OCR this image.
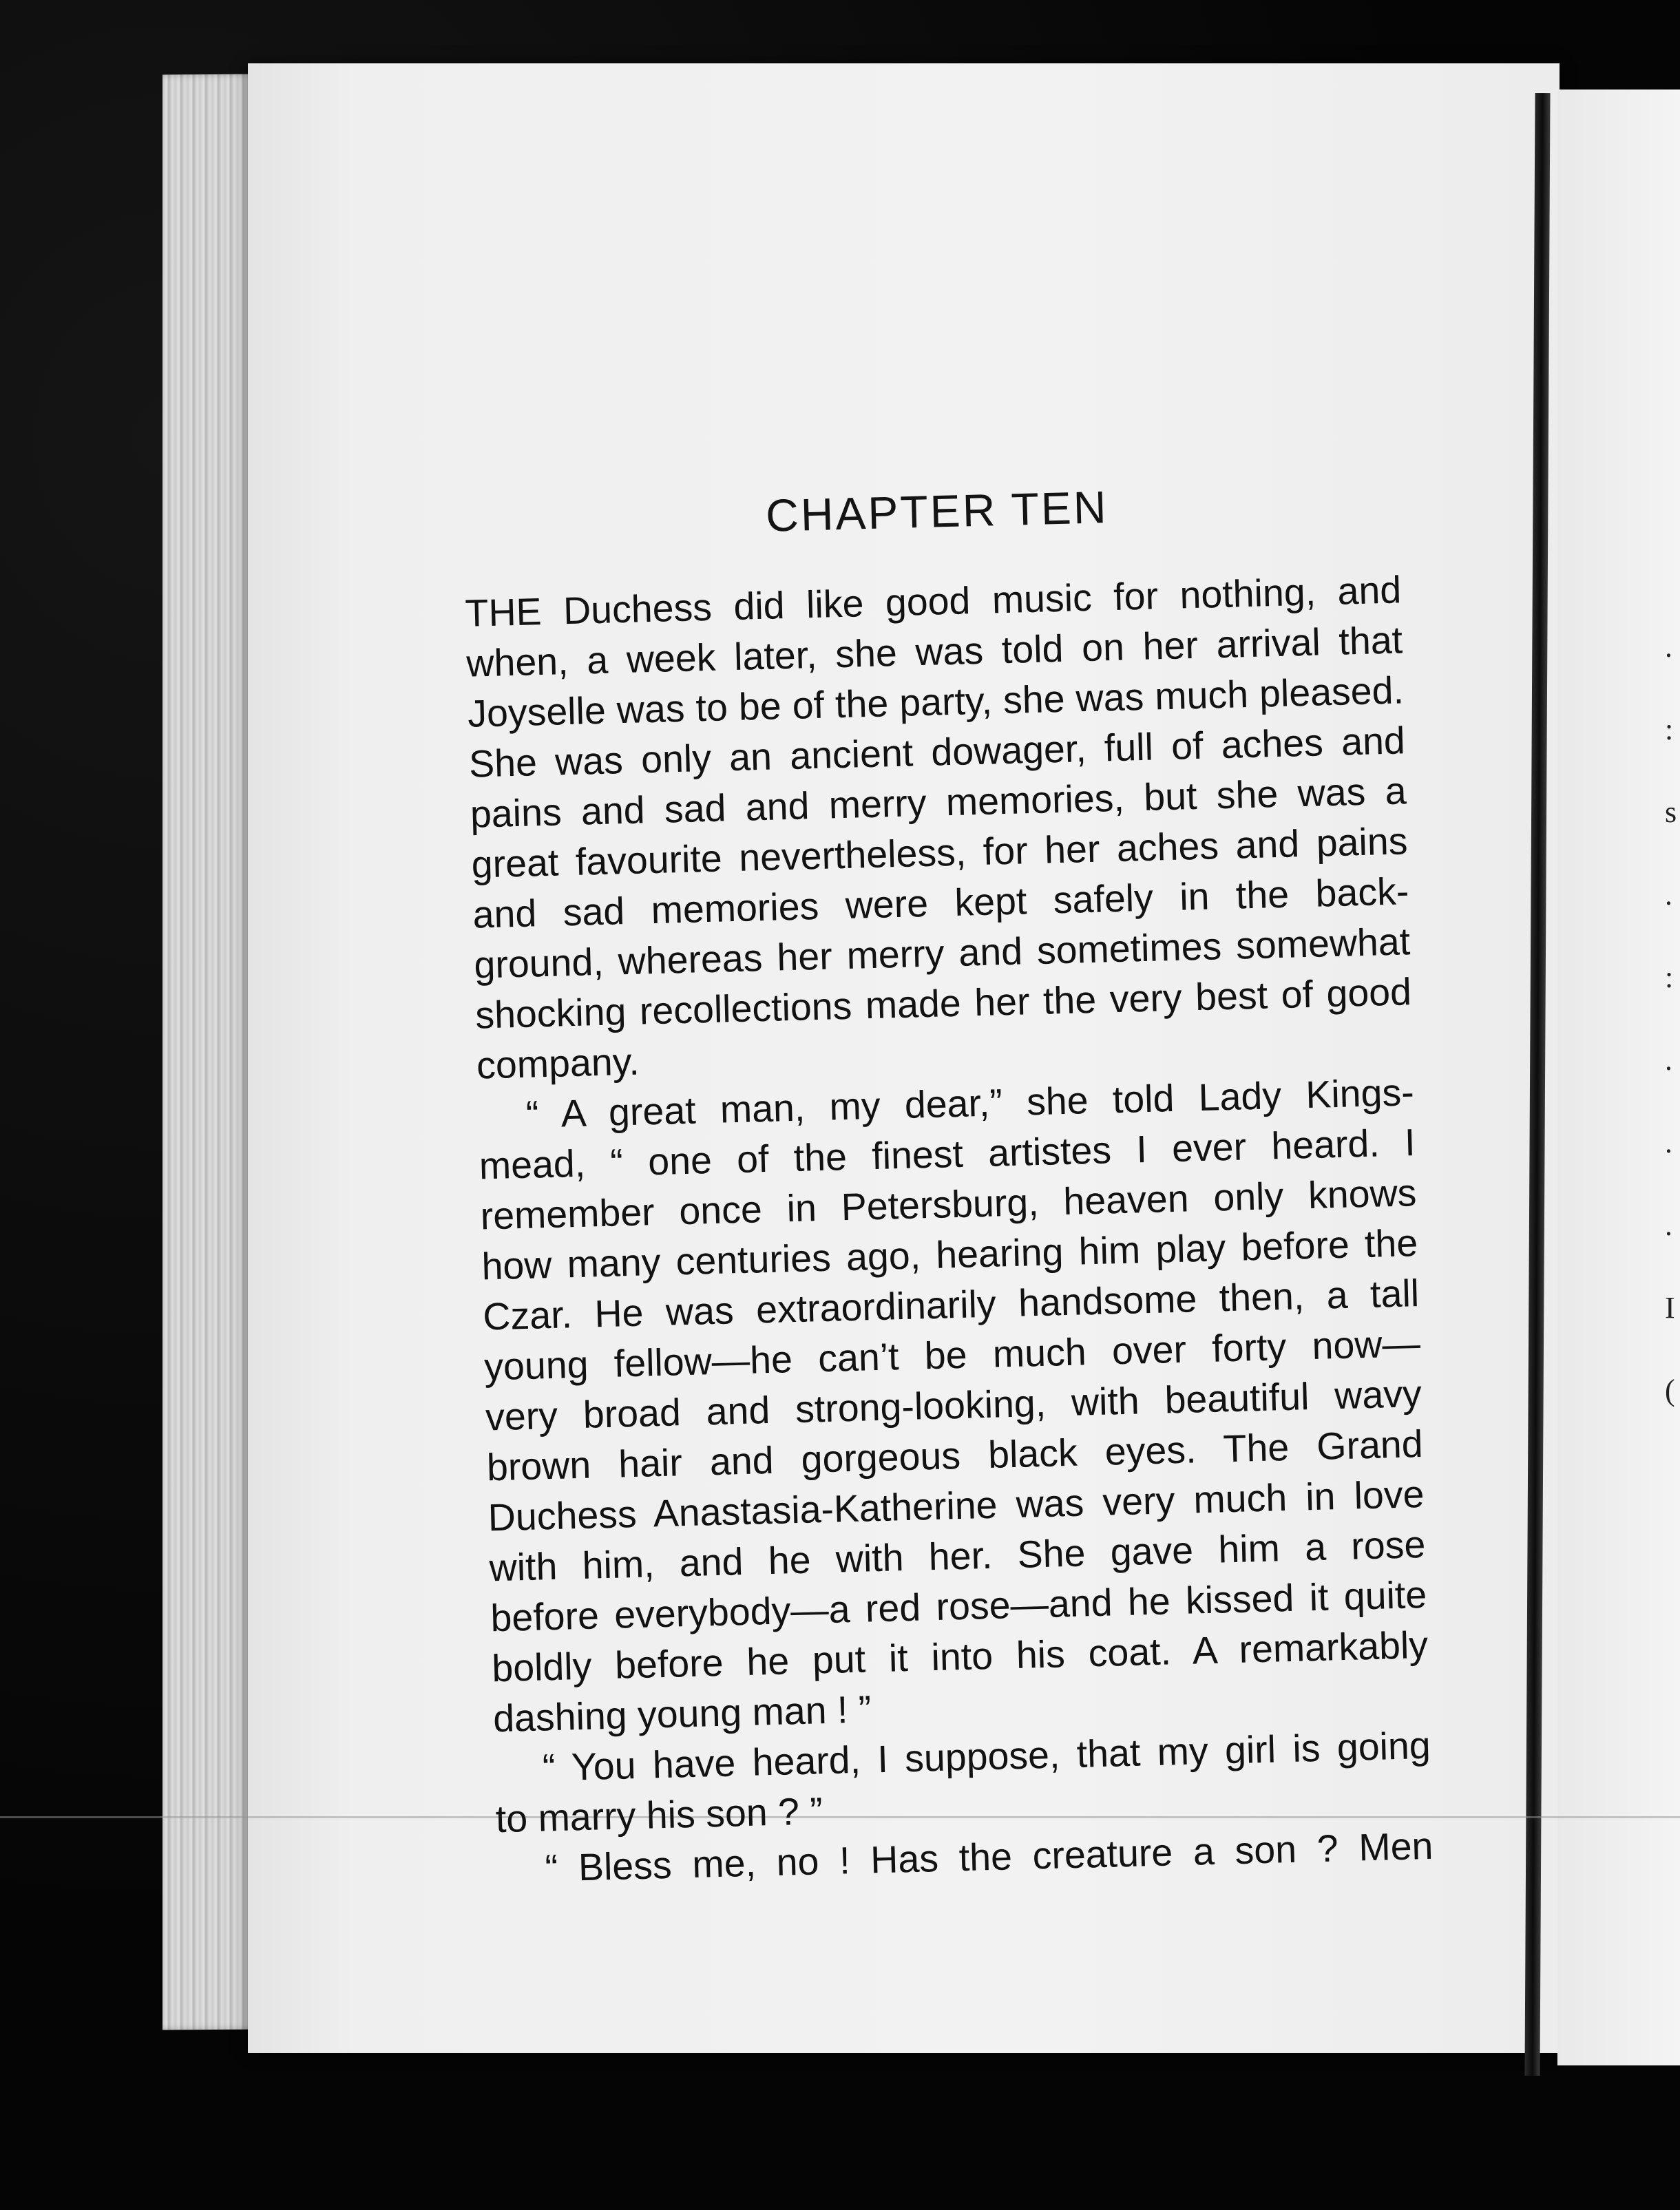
CHAPTER TEN
THE Duchess did like good music for nothing, and
when, a week later, she was told on her arrival that
Joyselle was to be of the party, she was much pleased.
She was only an ancient dowager, full of aches and
pains and sad and merry memories, but she was a
great favourite nevertheless, for her aches and pains
and sad memories were kept safely in the back-
ground, whereas her merry and sometimes somewhat
shocking recollections made her the very best of good
company.
“ A great man, my dear,” she told Lady Kings-
mead, “ one of the finest artistes I ever heard. I
remember once in Petersburg, heaven only knows
how many centuries ago, hearing him play before the
Czar. He was extraordinarily handsome then, a tall
young fellow—he can’t be much over forty now—
very broad and strong-looking, with beautiful wavy
brown hair and gorgeous black eyes. The Grand
Duchess Anastasia-Katherine was very much in love
with him, and he with her. She gave him a rose
before everybody—a red rose—and he kissed it quite
boldly before he put it into his coat. A remarkably
dashing young man ! ”
“ You have heard, I suppose, that my girl is going
to marry his son ? ”
“ Bless me, no ! Has the creature a son ? Men
.
:
s
.
:
.
.
.
I
(
